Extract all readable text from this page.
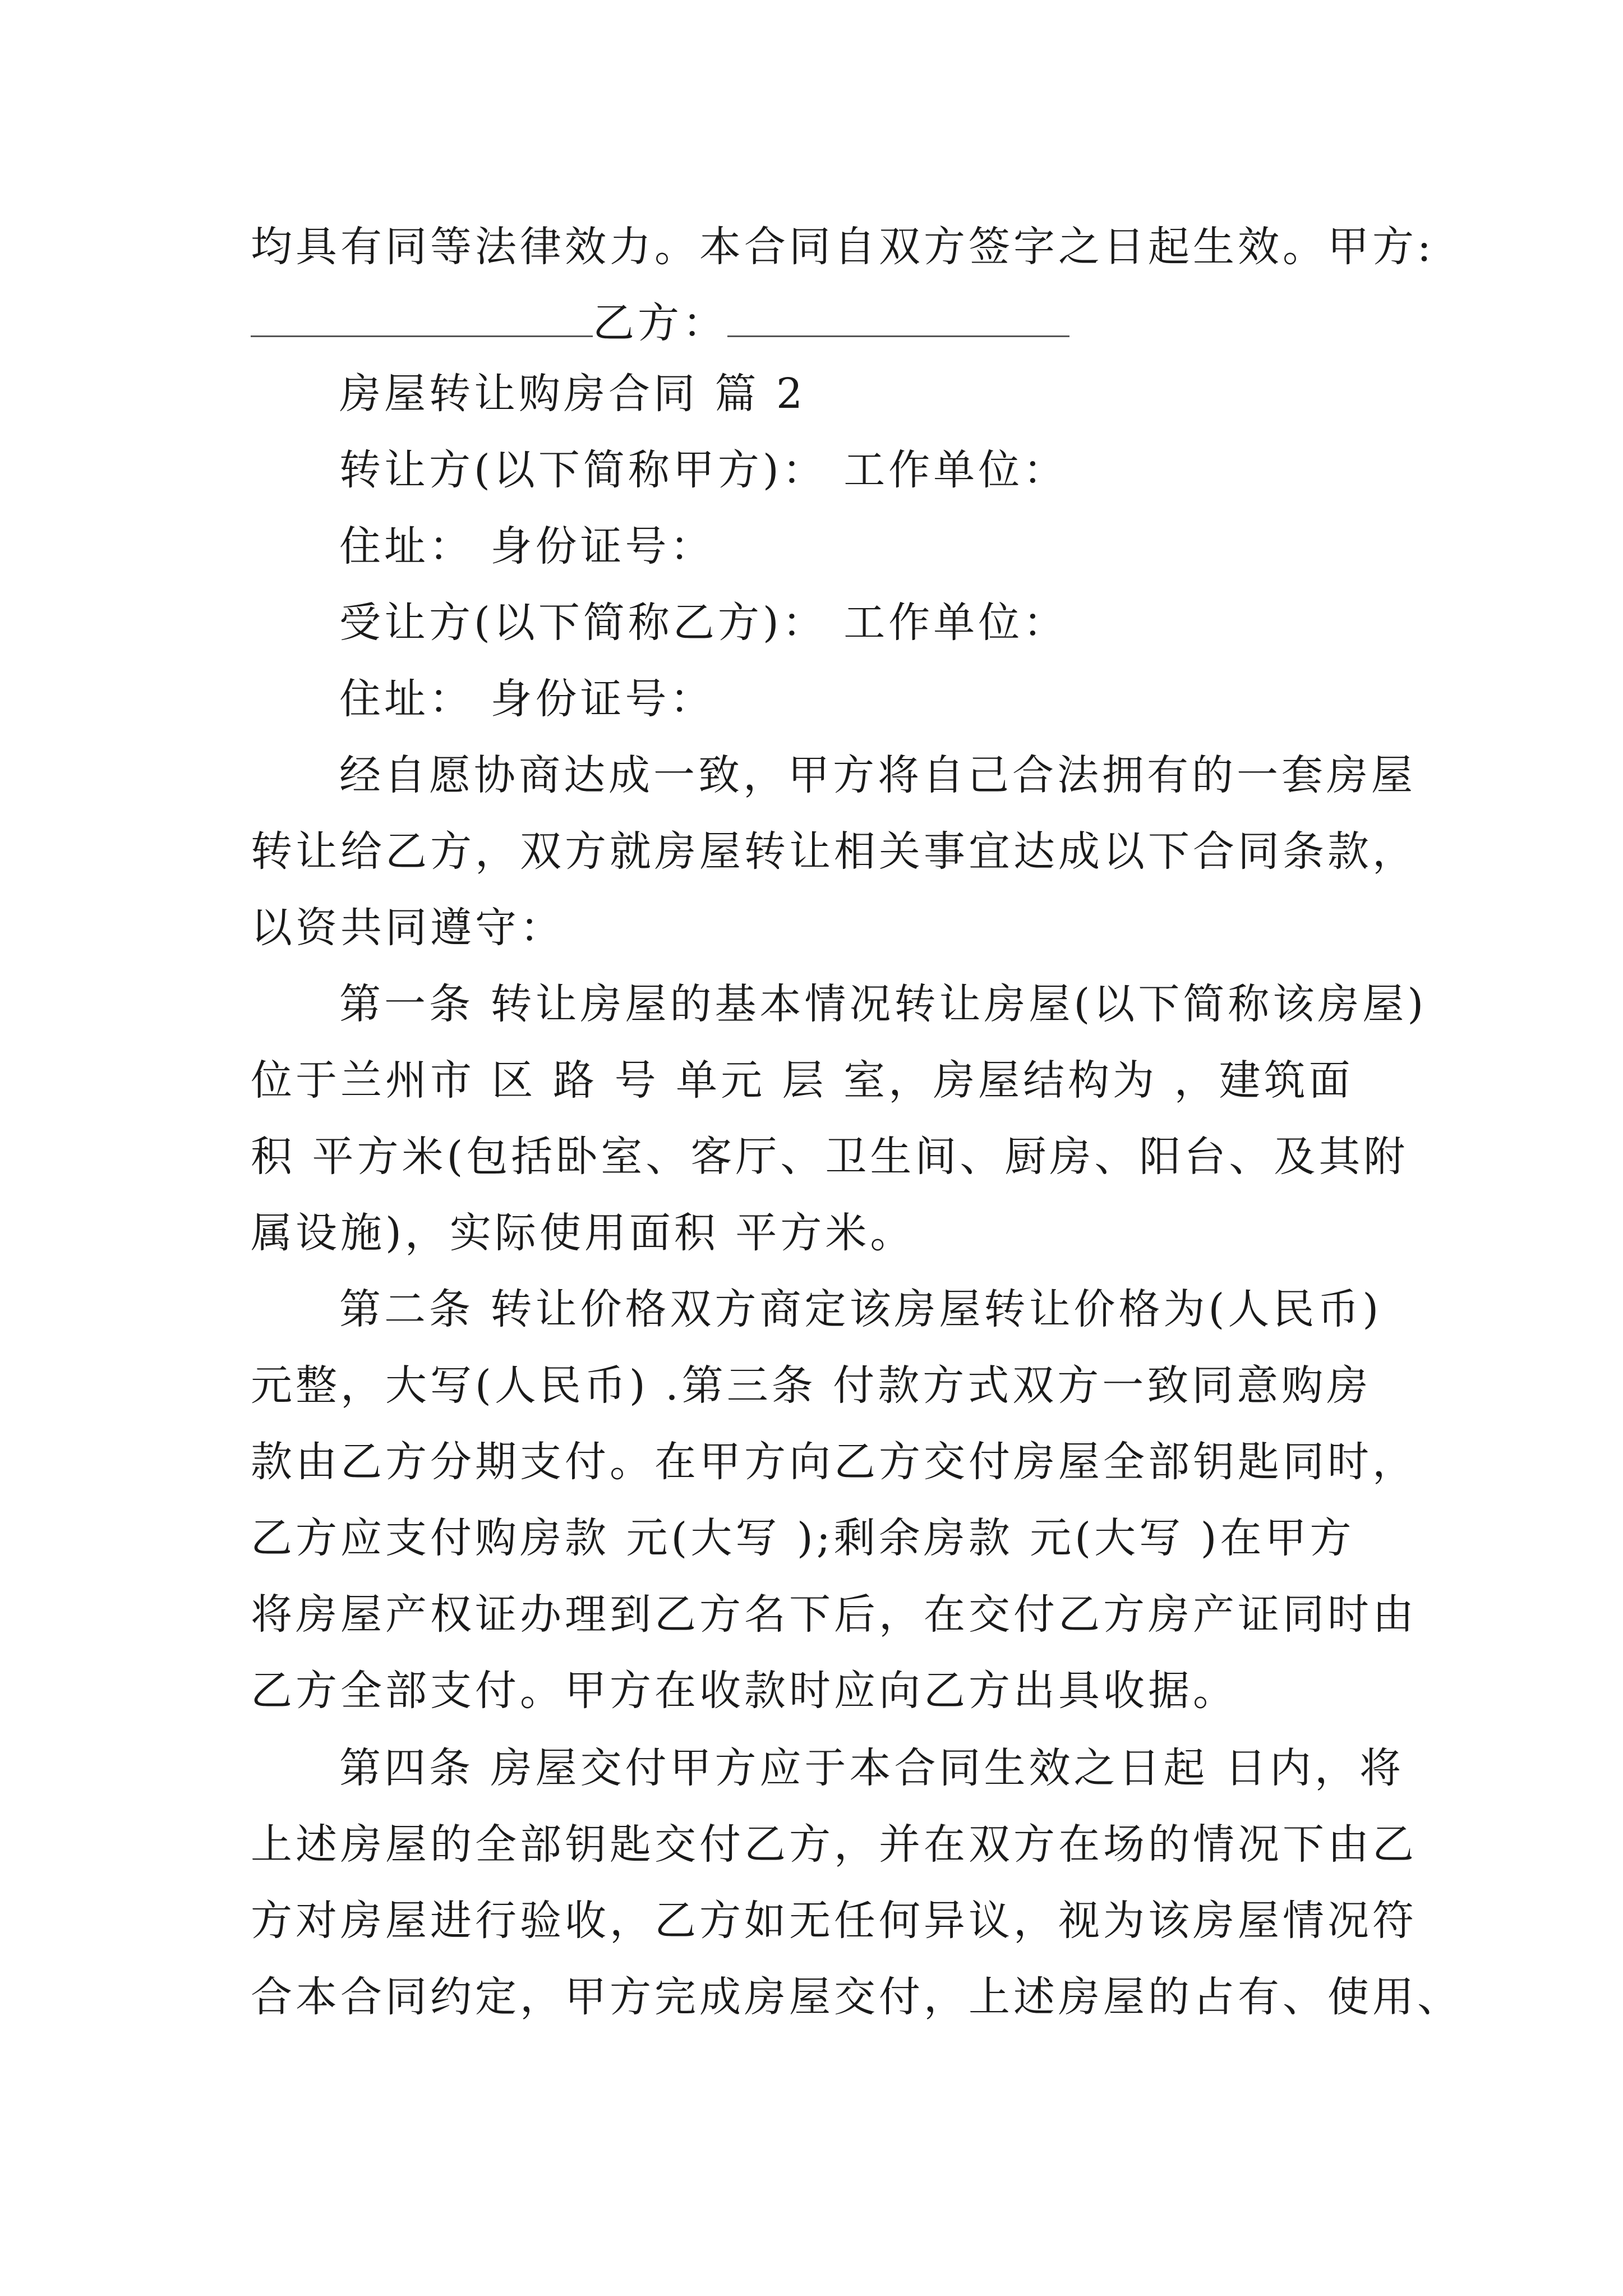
均具有同等法律效力。本合同自双方签字之日起生效。甲方:
乙方：
房屋转让购房合同 篇 2
转让方(以下简称甲方)： 工作单位：
住址： 身份证号：
受让方(以下简称乙方)： 工作单位：
住址： 身份证号：
经自愿协商达成一致，甲方将自己合法拥有的一套房屋
转让给乙方，双方就房屋转让相关事宜达成以下合同条款，
以资共同遵守：
第一条 转让房屋的基本情况转让房屋(以下简称该房屋)
位于兰州市 区 路 号 单元 层 室，房屋结构为 ，建筑面
积 平方米(包括卧室、客厅、卫生间、厨房、阳台、及其附
属设施)，实际使用面积 平方米。
第二条 转让价格双方商定该房屋转让价格为(人民币)
元整，大写(人民币) .第三条 付款方式双方一致同意购房
款由乙方分期支付。在甲方向乙方交付房屋全部钥匙同时，
乙方应支付购房款 元(大写 );剩余房款 元(大写 )在甲方
将房屋产权证办理到乙方名下后，在交付乙方房产证同时由
乙方全部支付。甲方在收款时应向乙方出具收据。
第四条 房屋交付甲方应于本合同生效之日起 日内，将
上述房屋的全部钥匙交付乙方，并在双方在场的情况下由乙
方对房屋进行验收，乙方如无任何异议，视为该房屋情况符
合本合同约定，甲方完成房屋交付，上述房屋的占有、使用、
